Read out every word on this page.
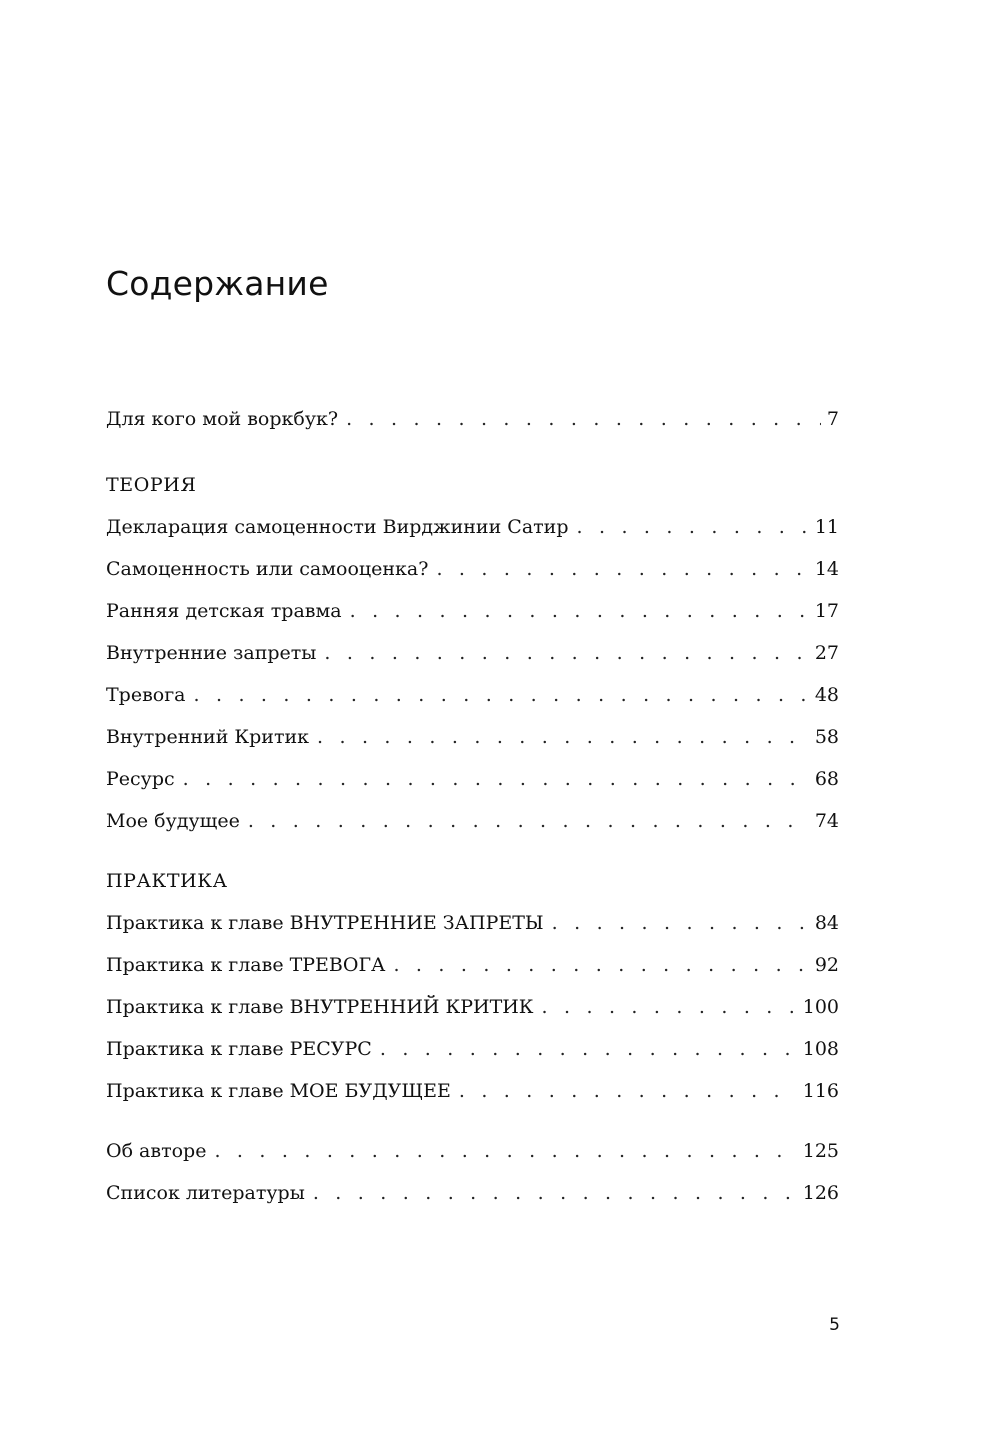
Содержание
Для кого мой воркбук? . . .	7
ТЕОРИЯ
Декларация самоценности Вирджинии Сатир . . .	11
Самоценность или самооценка? . . .	14
Ранняя детская травма . . .	17
Внутренние запреты . . .	27
Тревога . . .	48
Внутренний Критик . . .	58
Ресурс . . .	68
Мое будущее . . .	74
ПРАКТИКА
Практика к главе ВНУТРЕННИЕ ЗАПРЕТЫ . . .	84
Практика к главе ТРЕВОГА . . .	92
Практика к главе ВНУТРЕННИЙ КРИТИК . . .	100
Практика к главе РЕСУРС . . .	108
Практика к главе МОЕ БУДУЩЕЕ . . .	116
Об авторе . . .	125
Список литературы . . .	126
5
